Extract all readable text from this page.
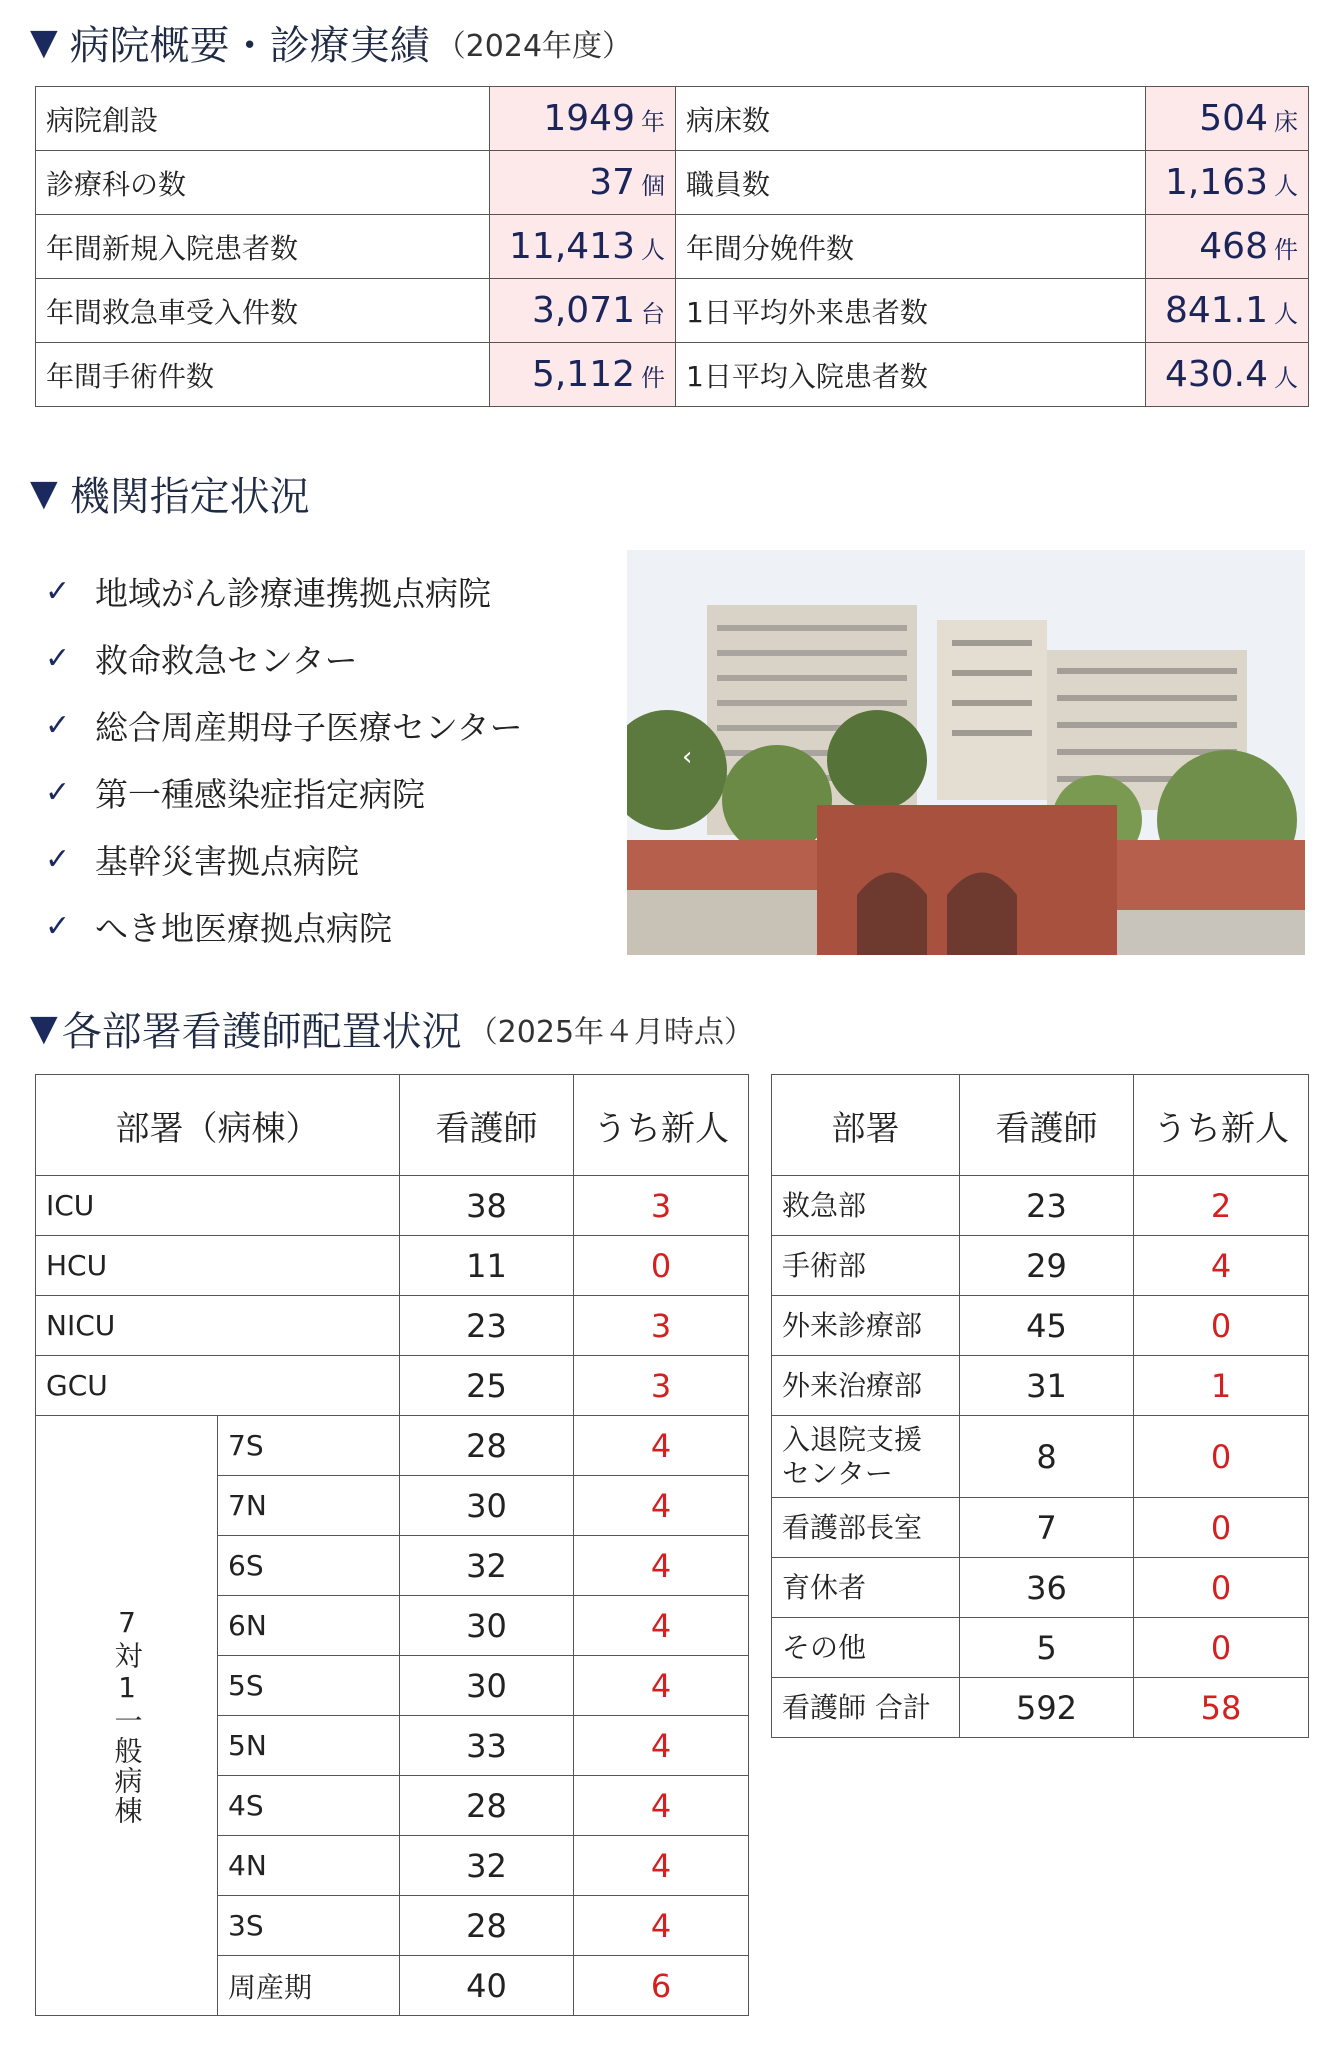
▼ 病院概要・診療実績 （2024年度）
病院創設	1949 年	病床数	504 床
診療科の数	37 個	職員数	1,163 人
年間新規入院患者数	11,413 人	年間分娩件数	468 件
年間救急車受入件数	3,071 台	1日平均外来患者数	841.1 人
年間手術件数	5,112 件	1日平均入院患者数	430.4 人
▼ 機関指定状況
✓ 地域がん診療連携拠点病院
✓ 救命救急センター
✓ 総合周産期母子医療センター
✓ 第一種感染症指定病院
✓ 基幹災害拠点病院
✓ へき地医療拠点病院
‹
▼ 各部署看護師配置状況 （2025年４月時点）
部署（病棟）		看護師	うち新人
ICU		38	3
HCU		11	0
NICU		23	3
GCU		25	3

7対1一般病棟	7S	28	4
	7N	30	4
	6S	32	4
	6N	30	4
	5S	30	4
	5N	33	4
	4S	28	4
	4N	32	4
	3S	28	4
	周産期	40	6
部署	看護師	うち新人
救急部	23	2
手術部	29	4
外来診療部	45	0
外来治療部	31	1
入退院支援
センター	8	0
看護部長室	7	0
育休者	36	0
その他	5	0
看護師 合計	592	58
